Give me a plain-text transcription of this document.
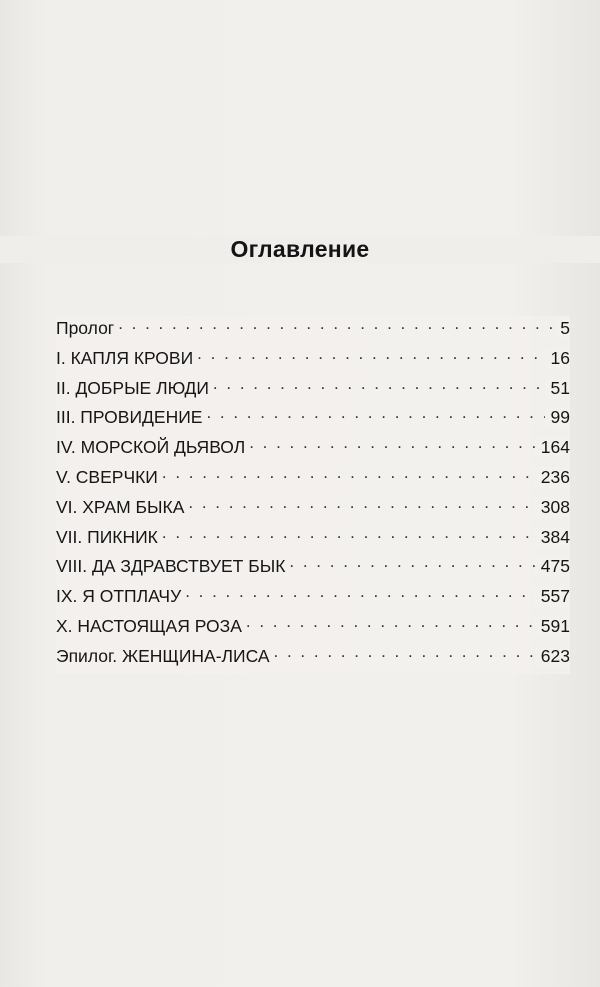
Оглавление
Пролог . . .	5
I. КАПЛЯ КРОВИ . . .	16
II. ДОБРЫЕ ЛЮДИ . . .	51
III. ПРОВИДЕНИЕ . . .	99
IV. МОРСКОЙ ДЬЯВОЛ . . .	164
V. СВЕРЧКИ . . .	236
VI. ХРАМ БЫКА . . .	308
VII. ПИКНИК . . .	384
VIII. ДА ЗДРАВСТВУЕТ БЫК . . .	475
IX. Я ОТПЛАЧУ . . .	557
X. НАСТОЯЩАЯ РОЗА . . .	591
Эпилог. ЖЕНЩИНА-ЛИСА . . .	623
